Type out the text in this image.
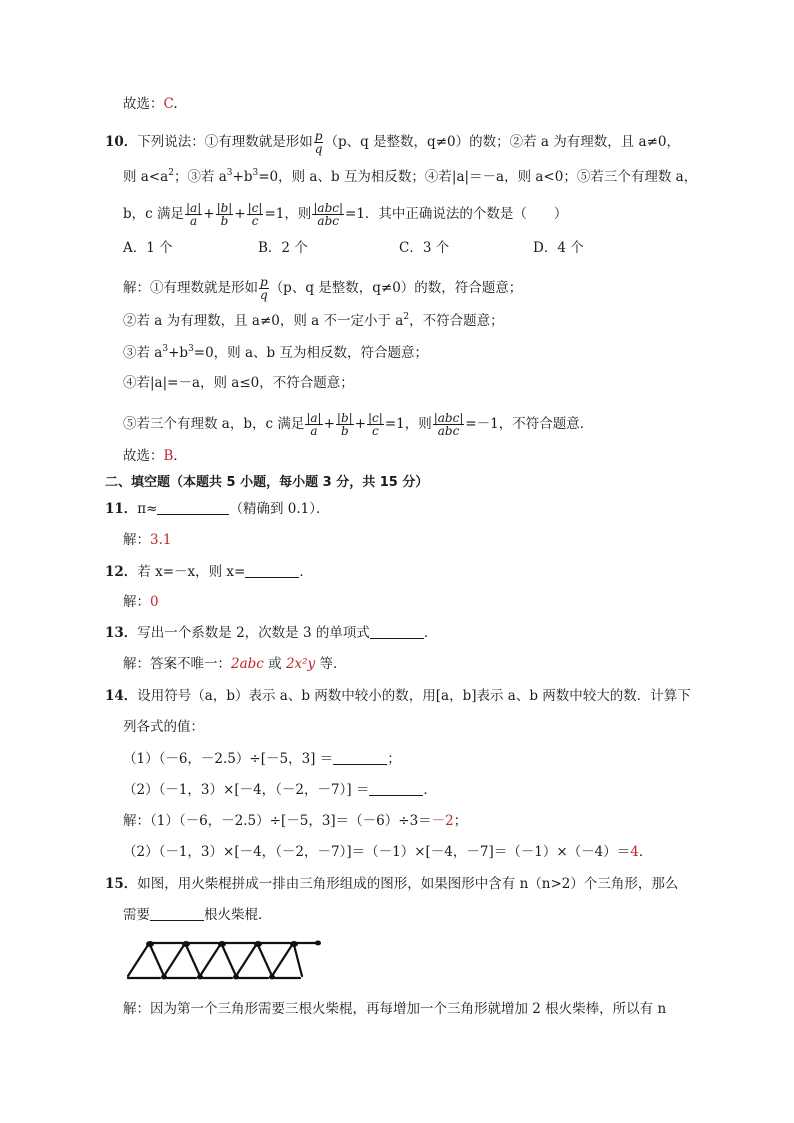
故选：C.
10．下列说法：①有理数就是形如 $\frac{p}{q} (p$、q 是整数，q≠0）的数；②若 a 为有理数，且 a≠0，
则 $a<a^2$；③若 $a^3+b^3=0$，则 a、b 互为相反数；④若|a|＝－a，则 a<0；⑤若三个有理数 a，
b，c 满足 $\frac{|a|}{a} + \frac{|b|}{b} + \frac{|c|}{c} =1$，则 $\frac{\text{|abc|}}{\text{abc}} =1$．其中正确说法的个数是（　　）
A．1 个	B．2 个	C．3 个	D．4 个
解：①有理数就是形如 $\frac{p}{q} (p$、q 是整数，q≠0）的数，符合题意；
②若 a 为有理数，且 a≠0，则 a 不一定小于 $a^2$，不符合题意；
③若 $a^3+b^3=0$，则 a、b 互为相反数，符合题意；
④若|a|=－a，则 a≤0，不符合题意；
⑤若三个有理数 a，b，c 满足 $\frac{|a|}{a} + \frac{|b|}{b} + \frac{|c|}{c} =1$，则 $\frac{\text{|abc|}}{\text{abc}} =-1$，不符合题意．
故选：B．
二、填空题（本题共 5 小题，每小题 3 分，共 15 分）
11．π≈	（精确到 0.1）．
解：3.1
12．若 x=－x，则 x=	．
解：0
13．写出一个系数是 2，次数是 3 的单项式	．
解：答案不唯一：2abc 或 2x²y 等．
14．设用符号（a，b）表示 a、b 两数中较小的数，用[a，b]表示 a、b 两数中较大的数．计算下
列各式的值：
（1）（－6，－2.5）÷[－5，3] ＝	；
（2）（－1，3）×[－4，（－2，－7）] ＝	．
解：（1）（－6，－2.5）÷[－5，3]＝（－6）÷3＝－2；
（2）（－1，3）×[－4，（－2，－7）]＝（－1）×[－4，－7]＝（－1）×（－4）＝4．
15．如图，用火柴棍拼成一排由三角形组成的图形，如果图形中含有 n（n>2）个三角形，那么
需要	根火柴棍．
解：因为第一个三角形需要三根火柴棍，再每增加一个三角形就增加 2 根火柴棒，所以有 n
